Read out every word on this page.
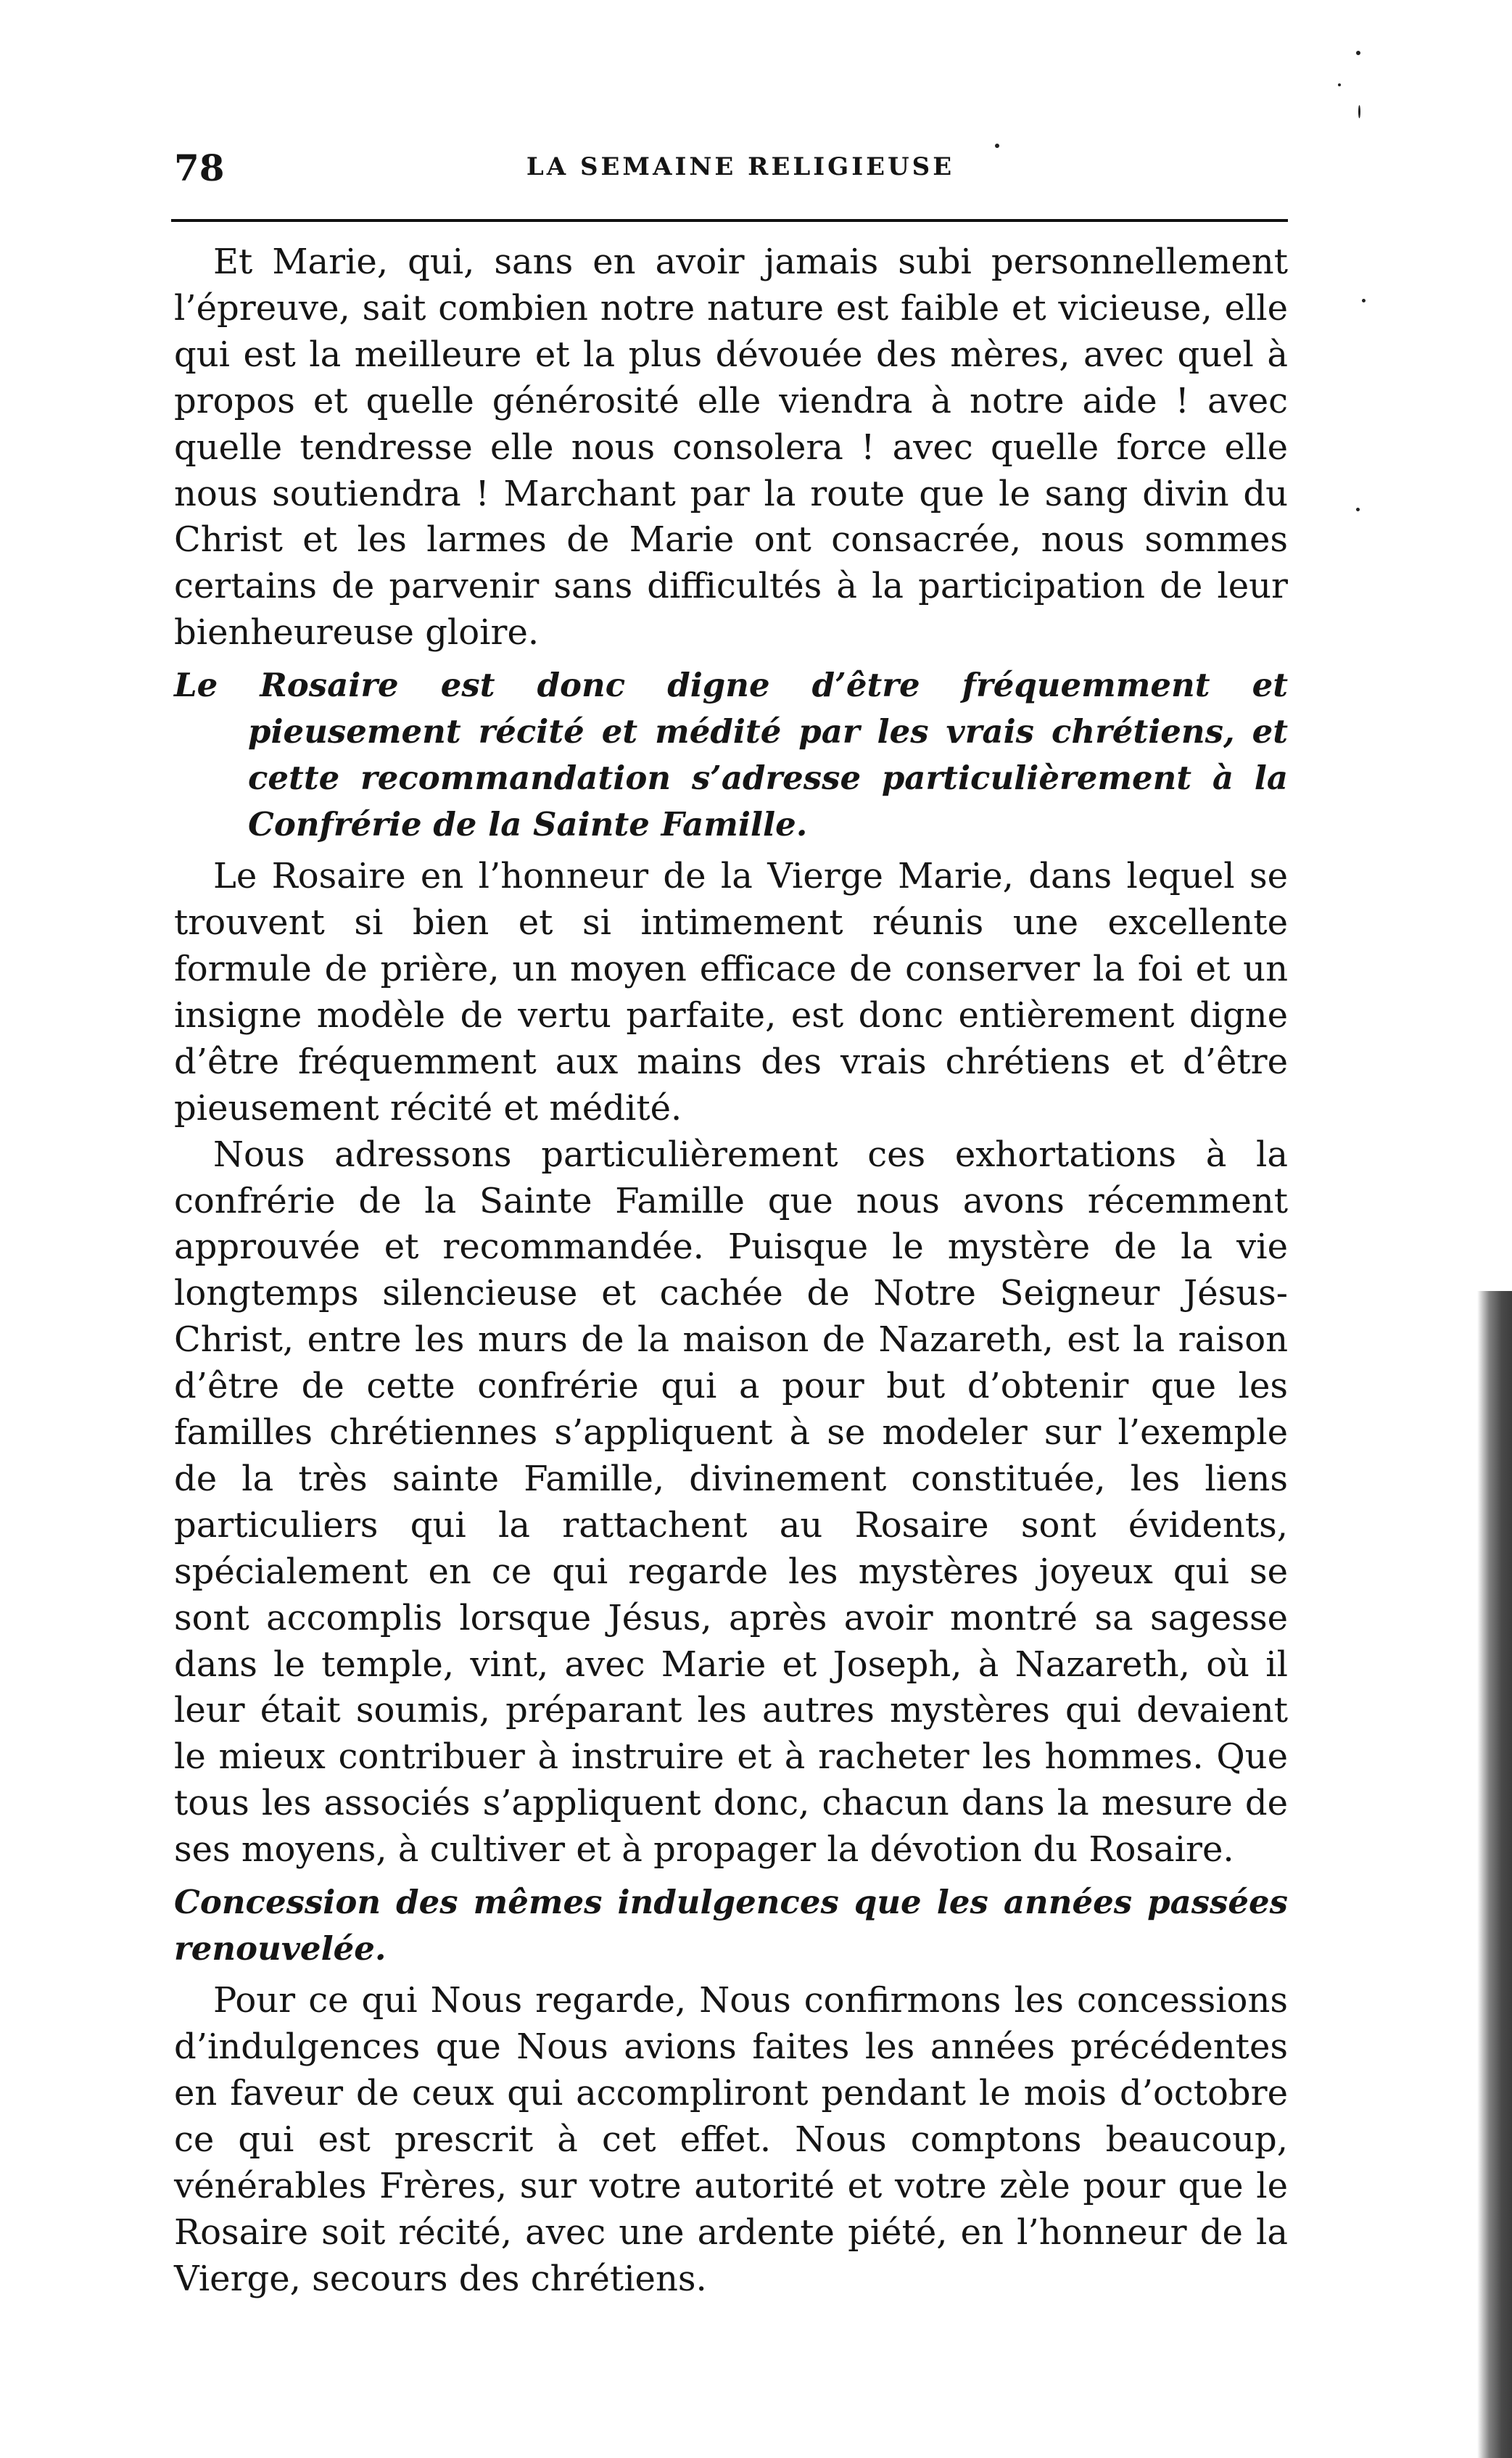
78	LA SEMAINE RELIGIEUSE

Et Marie, qui, sans en avoir jamais subi personnellement l’épreuve, sait combien notre nature est faible et vicieuse, elle qui est la meilleure et la plus dévouée des mères, avec quel à propos et quelle générosité elle viendra à notre aide ! avec quelle tendresse elle nous consolera ! avec quelle force elle nous soutiendra ! Marchant par la route que le sang divin du Christ et les larmes de Marie ont consacrée, nous sommes certains de parvenir sans difficultés à la participation de leur bienheureuse gloire.

Le Rosaire est donc digne d’être fréquemment et pieusement récité et médité par les vrais chrétiens, et cette recommandation s’adresse particulièrement à la Confrérie de la Sainte Famille.

Le Rosaire en l’honneur de la Vierge Marie, dans lequel se trouvent si bien et si intimement réunis une excellente formule de prière, un moyen efficace de conserver la foi et un insigne modèle de vertu parfaite, est donc entièrement digne d’être fréquemment aux mains des vrais chrétiens et d’être pieusement récité et médité.

Nous adressons particulièrement ces exhortations à la confrérie de la Sainte Famille que nous avons récemment approuvée et recommandée. Puisque le mystère de la vie longtemps silencieuse et cachée de Notre Seigneur Jésus-Christ, entre les murs de la maison de Nazareth, est la raison d’être de cette confrérie qui a pour but d’obtenir que les familles chrétiennes s’appliquent à se modeler sur l’exemple de la très sainte Famille, divinement constituée, les liens particuliers qui la rattachent au Rosaire sont évidents, spécialement en ce qui regarde les mystères joyeux qui se sont accomplis lorsque Jésus, après avoir montré sa sagesse dans le temple, vint, avec Marie et Joseph, à Nazareth, où il leur était soumis, préparant les autres mystères qui devaient le mieux contribuer à instruire et à racheter les hommes. Que tous les associés s’appliquent donc, chacun dans la mesure de ses moyens, à cultiver et à propager la dévotion du Rosaire.

Concession des mêmes indulgences que les années passées renouvelée.

Pour ce qui Nous regarde, Nous confirmons les concessions d’indulgences que Nous avions faites les années précédentes en faveur de ceux qui accompliront pendant le mois d’octobre ce qui est prescrit à cet effet. Nous comptons beaucoup, vénérables Frères, sur votre autorité et votre zèle pour que le Rosaire soit récité, avec une ardente piété, en l’honneur de la Vierge, secours des chrétiens.
